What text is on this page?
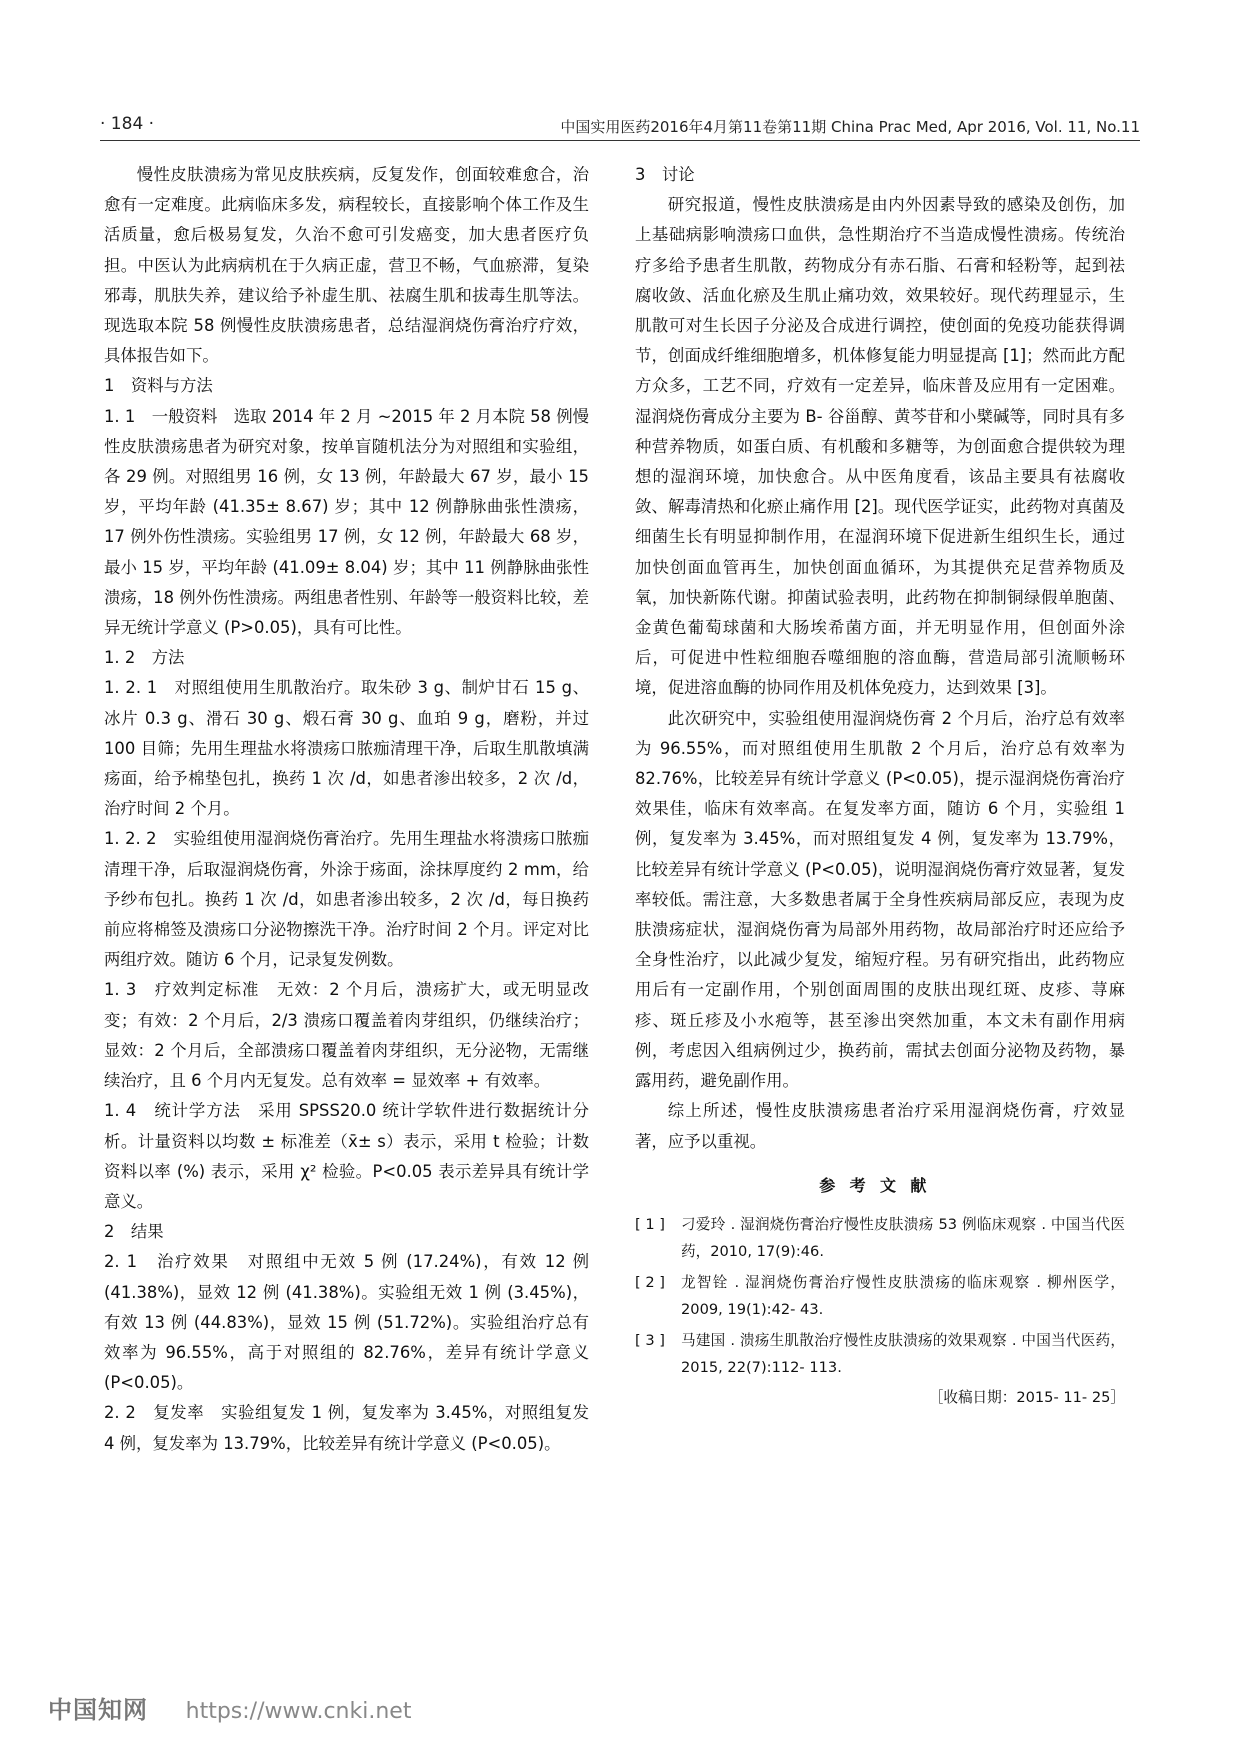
· 184 ·	中国实用医药2016年4月第11卷第11期 China Prac Med, Apr 2016, Vol. 11, No.11

慢性皮肤溃疡为常见皮肤疾病，反复发作，创面较难愈合，治愈有一定难度。此病临床多发，病程较长，直接影响个体工作及生活质量，愈后极易复发，久治不愈可引发癌变，加大患者医疗负担。中医认为此病病机在于久病正虚，营卫不畅，气血瘀滞，复染邪毒，肌肤失养，建议给予补虚生肌、祛腐生肌和拔毒生肌等法。现选取本院 58 例慢性皮肤溃疡患者，总结湿润烧伤膏治疗疗效，具体报告如下。

1　资料与方法

1. 1　一般资料　选取 2014 年 2 月 ~2015 年 2 月本院 58 例慢性皮肤溃疡患者为研究对象，按单盲随机法分为对照组和实验组，各 29 例。对照组男 16 例，女 13 例，年龄最大 67 岁，最小 15 岁，平均年龄 (41.35± 8.67) 岁；其中 12 例静脉曲张性溃疡，17 例外伤性溃疡。实验组男 17 例，女 12 例，年龄最大 68 岁，最小 15 岁，平均年龄 (41.09± 8.04) 岁；其中 11 例静脉曲张性溃疡，18 例外伤性溃疡。两组患者性别、年龄等一般资料比较，差异无统计学意义 (P>0.05)，具有可比性。

1. 2　方法

1. 2. 1　对照组使用生肌散治疗。取朱砂 3 g、制炉甘石 15 g、冰片 0.3 g、滑石 30 g、煅石膏 30 g、血珀 9 g，磨粉，并过 100 目筛；先用生理盐水将溃疡口脓痂清理干净，后取生肌散填满疡面，给予棉垫包扎，换药 1 次 /d，如患者渗出较多，2 次 /d，治疗时间 2 个月。

1. 2. 2　实验组使用湿润烧伤膏治疗。先用生理盐水将溃疡口脓痂清理干净，后取湿润烧伤膏，外涂于疡面，涂抹厚度约 2 mm，给予纱布包扎。换药 1 次 /d，如患者渗出较多，2 次 /d，每日换药前应将棉签及溃疡口分泌物擦洗干净。治疗时间 2 个月。评定对比两组疗效。随访 6 个月，记录复发例数。

1. 3　疗效判定标准　无效：2 个月后，溃疡扩大，或无明显改变；有效：2 个月后，2/3 溃疡口覆盖着肉芽组织，仍继续治疗；显效：2 个月后，全部溃疡口覆盖着肉芽组织，无分泌物，无需继续治疗，且 6 个月内无复发。总有效率 = 显效率 + 有效率。

1. 4　统计学方法　采用 SPSS20.0 统计学软件进行数据统计分析。计量资料以均数 ± 标准差（x̄± s）表示，采用 t 检验；计数资料以率 (%) 表示，采用 χ² 检验。P<0.05 表示差异具有统计学意义。

2　结果

2. 1　治疗效果　对照组中无效 5 例 (17.24%)，有效 12 例 (41.38%)，显效 12 例 (41.38%)。实验组无效 1 例 (3.45%)，有效 13 例 (44.83%)，显效 15 例 (51.72%)。实验组治疗总有效率为 96.55%，高于对照组的 82.76%，差异有统计学意义 (P<0.05)。

2. 2　复发率　实验组复发 1 例，复发率为 3.45%，对照组复发 4 例，复发率为 13.79%，比较差异有统计学意义 (P<0.05)。

3　讨论

研究报道，慢性皮肤溃疡是由内外因素导致的感染及创伤，加上基础病影响溃疡口血供，急性期治疗不当造成慢性溃疡。传统治疗多给予患者生肌散，药物成分有赤石脂、石膏和轻粉等，起到祛腐收敛、活血化瘀及生肌止痛功效，效果较好。现代药理显示，生肌散可对生长因子分泌及合成进行调控，使创面的免疫功能获得调节，创面成纤维细胞增多，机体修复能力明显提高 [1]；然而此方配方众多，工艺不同，疗效有一定差异，临床普及应用有一定困难。湿润烧伤膏成分主要为 B- 谷甾醇、黄芩苷和小檗碱等，同时具有多种营养物质，如蛋白质、有机酸和多糖等，为创面愈合提供较为理想的湿润环境，加快愈合。从中医角度看，该品主要具有祛腐收敛、解毒清热和化瘀止痛作用 [2]。现代医学证实，此药物对真菌及细菌生长有明显抑制作用，在湿润环境下促进新生组织生长，通过加快创面血管再生，加快创面血循环，为其提供充足营养物质及氧，加快新陈代谢。抑菌试验表明，此药物在抑制铜绿假单胞菌、金黄色葡萄球菌和大肠埃希菌方面，并无明显作用，但创面外涂后，可促进中性粒细胞吞噬细胞的溶血酶，营造局部引流顺畅环境，促进溶血酶的协同作用及机体免疫力，达到效果 [3]。

此次研究中，实验组使用湿润烧伤膏 2 个月后，治疗总有效率为 96.55%，而对照组使用生肌散 2 个月后，治疗总有效率为 82.76%，比较差异有统计学意义 (P<0.05)，提示湿润烧伤膏治疗效果佳，临床有效率高。在复发率方面，随访 6 个月，实验组 1 例，复发率为 3.45%，而对照组复发 4 例，复发率为 13.79%，比较差异有统计学意义 (P<0.05)，说明湿润烧伤膏疗效显著，复发率较低。需注意，大多数患者属于全身性疾病局部反应，表现为皮肤溃疡症状，湿润烧伤膏为局部外用药物，故局部治疗时还应给予全身性治疗，以此减少复发，缩短疗程。另有研究指出，此药物应用后有一定副作用，个别创面周围的皮肤出现红斑、皮疹、荨麻疹、斑丘疹及小水疱等，甚至渗出突然加重，本文未有副作用病例，考虑因入组病例过少，换药前，需拭去创面分泌物及药物，暴露用药，避免副作用。

综上所述，慢性皮肤溃疡患者治疗采用湿润烧伤膏，疗效显著，应予以重视。

参考文献
[ 1 ]	刁爱玲 . 湿润烧伤膏治疗慢性皮肤溃疡 53 例临床观察 . 中国当代医药，2010, 17(9):46.
[ 2 ]	龙智铨 . 湿润烧伤膏治疗慢性皮肤溃疡的临床观察 . 柳州医学，2009, 19(1):42- 43.
[ 3 ]	马建国 . 溃疡生肌散治疗慢性皮肤溃疡的效果观察 . 中国当代医药，2015, 22(7):112- 113.
［收稿日期：2015- 11- 25］
中国知网 https://www.cnki.net
